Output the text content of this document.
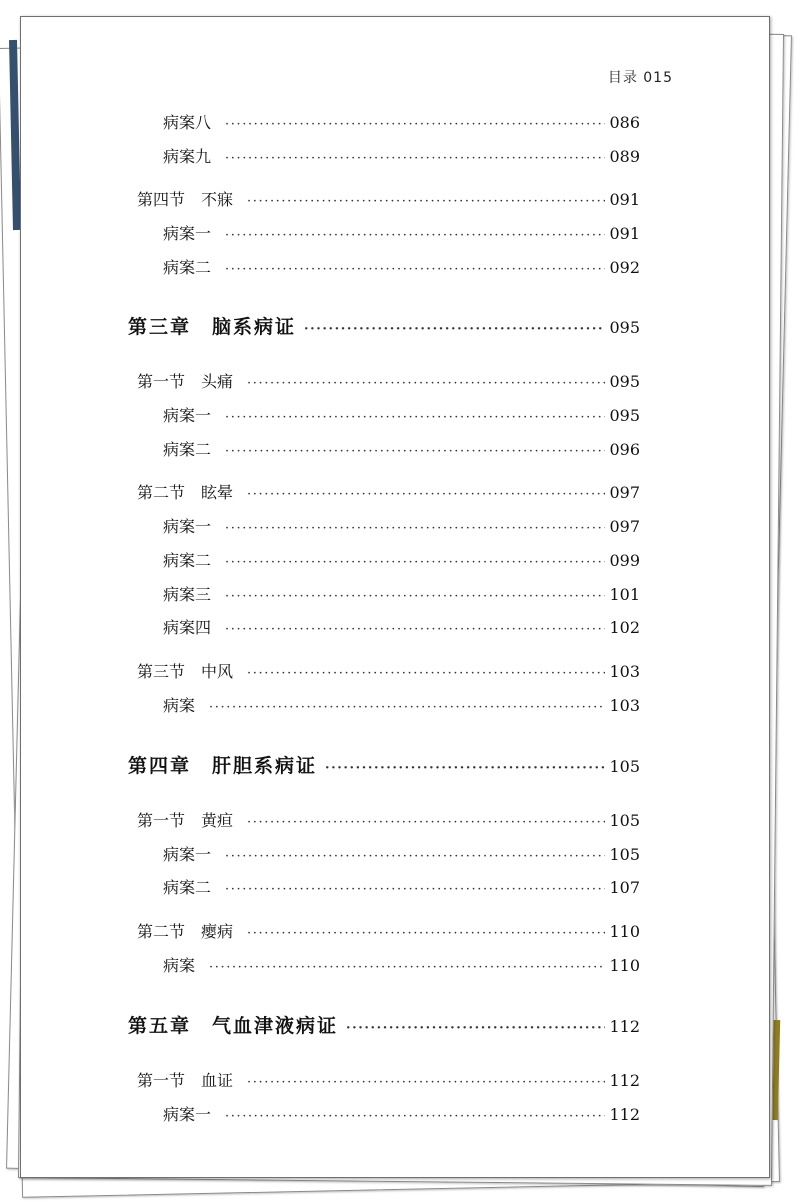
目录 015
病案八 ·····	086
病案九 ·····	089
第四节　不寐 ·····	091
病案一 ·····	091
病案二 ·····	092
第三章　脑系病证 ·····	095
第一节　头痛 ·····	095
病案一 ·····	095
病案二 ·····	096
第二节　眩晕 ·····	097
病案一 ·····	097
病案二 ·····	099
病案三 ·····	101
病案四 ·····	102
第三节　中风 ·····	103
病案 ·····	103
第四章　肝胆系病证 ·····	105
第一节　黄疸 ·····	105
病案一 ·····	105
病案二 ·····	107
第二节　瘿病 ·····	110
病案 ·····	110
第五章　气血津液病证 ·····	112
第一节　血证 ·····	112
病案一 ·····	112
